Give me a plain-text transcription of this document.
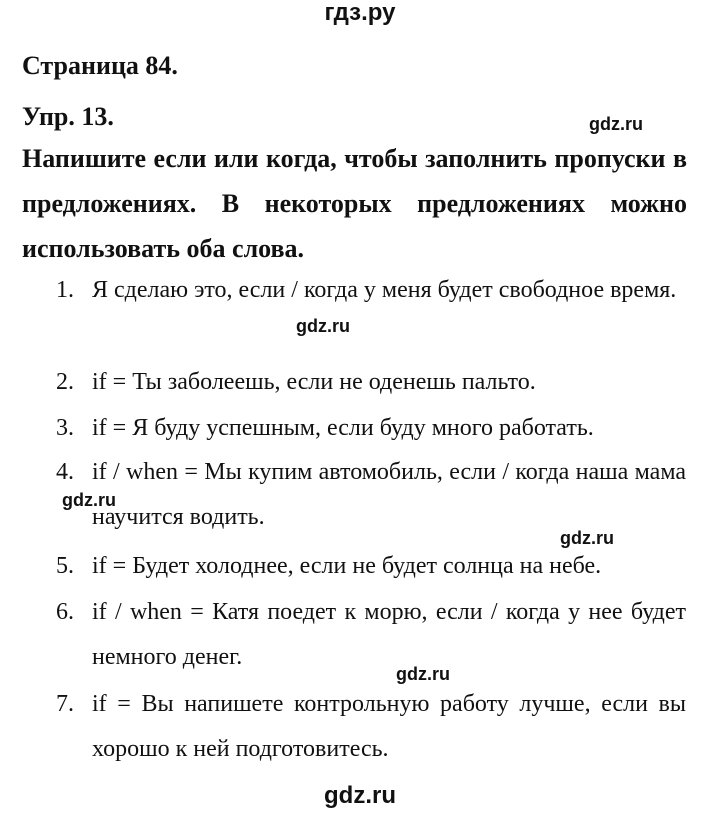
гдз.ру
Страница 84.
Упр. 13.	gdz.ru
Напишите если или когда, чтобы заполнить пропуски в предложениях. В некоторых предложениях можно использовать оба слова.
1. Я сделаю это, если / когда у меня будет свободное время.
2. if = Ты заболеешь, если не оденешь пальто.
3. if = Я буду успешным, если буду много работать.
4. if / when = Мы купим автомобиль, если / когда наша мама научится водить.
5. if = Будет холоднее, если не будет солнца на небе.
6. if / when = Катя поедет к морю, если / когда у нее будет немного денег.
7. if = Вы напишете контрольную работу лучше, если вы хорошо к ней подготовитесь.
gdz.ru
gdz.ru
gdz.ru
gdz.ru
gdz.ru
